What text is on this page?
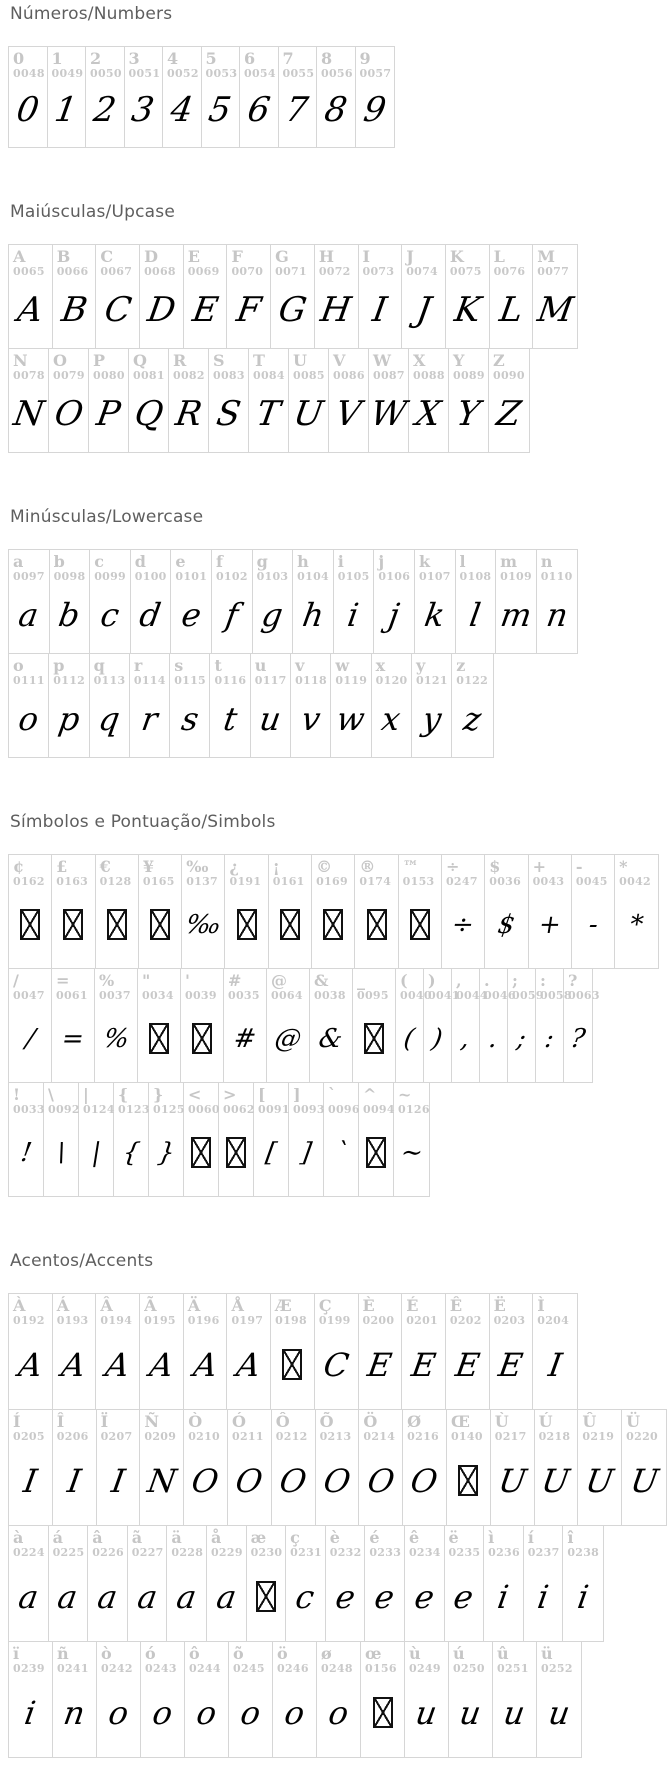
Números/Numbers
0
0048
0
1
0049
1
2
0050
2
3
0051
3
4
0052
4
5
0053
5
6
0054
6
7
0055
7
8
0056
8
9
0057
9
Maiúsculas/Upcase
A
0065
A
B
0066
B
C
0067
C
D
0068
D
E
0069
E
F
0070
F
G
0071
G
H
0072
H
I
0073
I
J
0074
J
K
0075
K
L
0076
L
M
0077
M
N
0078
N
O
0079
O
P
0080
P
Q
0081
Q
R
0082
R
S
0083
S
T
0084
T
U
0085
U
V
0086
V
W
0087
W
X
0088
X
Y
0089
Y
Z
0090
Z
Minúsculas/Lowercase
a
0097
a
b
0098
b
c
0099
c
d
0100
d
e
0101
e
f
0102
f
g
0103
g
h
0104
h
i
0105
i
j
0106
j
k
0107
k
l
0108
l
m
0109
m
n
0110
n
o
0111
o
p
0112
p
q
0113
q
r
0114
r
s
0115
s
t
0116
t
u
0117
u
v
0118
v
w
0119
w
x
0120
x
y
0121
y
z
0122
z
Símbolos e Pontuação/Simbols
¢
0162
£
0163
€
0128
¥
0165
‰
0137
‰
¿
0191
¡
0161
©
0169
®
0174
™
0153
÷
0247
÷
$
0036
$
+
0043
+
-
0045
-
*
0042
*
/
0047
/
=
0061
=
%
0037
%
"
0034
'
0039
#
0035
#
@
0064
@
&
0038
&
_
0095
(
0040
(
)
0041
)
,
0044
,
.
0046
.
;
0059
;
:
0058
:
?
0063
?
!
0033
!
\
0092
\
|
0124
|
{
0123
{
}
0125
}
<
0060
>
0062
[
0091
[
]
0093
]
`
0096
`
^
0094
~
0126
~
Acentos/Accents
À
0192
A
Á
0193
A
Â
0194
A
Ã
0195
A
Ä
0196
A
Å
0197
A
Æ
0198
Ç
0199
C
È
0200
E
É
0201
E
Ê
0202
E
Ë
0203
E
Ì
0204
I
Í
0205
I
Î
0206
I
Ï
0207
I
Ñ
0209
N
Ò
0210
O
Ó
0211
O
Ô
0212
O
Õ
0213
O
Ö
0214
O
Ø
0216
O
Œ
0140
Ù
0217
U
Ú
0218
U
Û
0219
U
Ü
0220
U
à
0224
a
á
0225
a
â
0226
a
ã
0227
a
ä
0228
a
å
0229
a
æ
0230
ç
0231
c
è
0232
e
é
0233
e
ê
0234
e
ë
0235
e
ì
0236
i
í
0237
i
î
0238
i
ï
0239
i
ñ
0241
n
ò
0242
o
ó
0243
o
ô
0244
o
õ
0245
o
ö
0246
o
ø
0248
o
œ
0156
ù
0249
u
ú
0250
u
û
0251
u
ü
0252
u
